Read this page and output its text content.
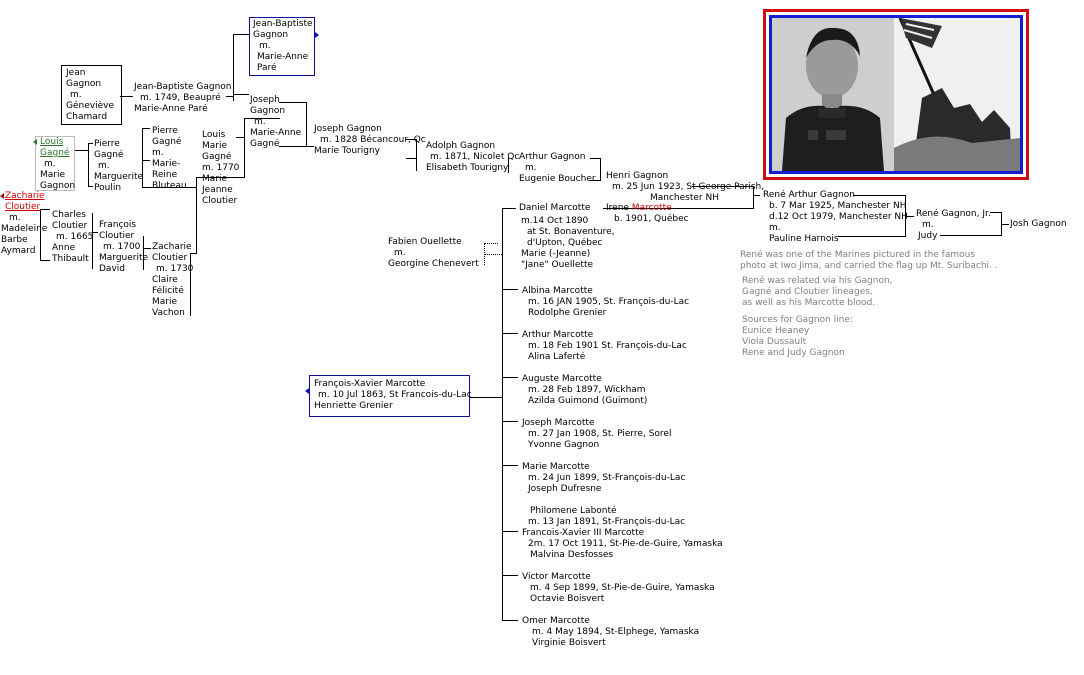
Jean-Baptiste
Gagnon
m.
Marie-Anne
Paré
Jean
Gagnon
m.
Géneviève
Chamard
Jean-Baptiste Gagnon
m. 1749, Beaupré
Marie-Anne Paré
Joseph
Gagnon
m.
Marie-Anne
Gagné
Pierre
Gagné
m.
Marie-
Reine
Bluteau
Louis
Gagné
m.
Marie
Gagnon
Pierre
Gagné
m.
Marguerite
Poulin
Louis
Marie
Gagné
m. 1770
Marie
Jeanne
Cloutier
Zacharie
Cloutier
m.
Madeleine
Barbe
Aymard
Charles
Cloutier
m. 1665
Anne
Thibault
François
Cloutier
m. 1700
Marguerite
David
Zacharie
Cloutier
m. 1730
Claire
Félicité
Marie
Vachon
Joseph Gagnon
m. 1828 Bécancour, Qc
Marie Tourigny	Adolph Gagnon
m. 1871, Nicolet Qc
Elisabeth Tourigny
Arthur Gagnon
m.
Eugenie Boucher Henri Gagnon
m. 25 Jun 1923, St George Parish,
Manchester NH
Irene Marcotte
b. 1901, Québec
René Arthur Gagnon
b. 7 Mar 1925, Manchester NH
d.12 Oct 1979, Manchester NH
m.
Pauline Harnois
René Gagnon, Jr.
m.
Judy
Josh Gagnon
René was one of the Marines pictured in the famous
photo at Iwo Jima, and carried the flag up Mt. Suribachi. .
René was related via his Gagnon,
Gagné and Cloutier lineages,
as well as his Marcotte blood.
Sources for Gagnon line:
Eunice Heaney
Viola Dussault
Rene and Judy Gagnon
Fabien Ouellette
m.
Georgine Chenevert
Daniel Marcotte
m.14 Oct 1890
at St. Bonaventure,
d'Upton, Québec
Marie (-Jeanne)
"Jane" Ouellette
François-Xavier Marcotte
m. 10 Jul 1863, St Francois-du-Lac
Henriette Grenier
Albina Marcotte
m. 16 JAN 1905, St. François-du-Lac
Rodolphe Grenier
Arthur Marcotte
m. 18 Feb 1901 St. François-du-Lac
Alina Laferté
Auguste Marcotte
m. 28 Feb 1897, Wickham
Azilda Guimond (Guimont)
Joseph Marcotte
m. 27 Jan 1908, St. Pierre, Sorel
Yvonne Gagnon
Marie Marcotte
m. 24 Jun 1899, St-François-du-Lac
Joseph Dufresne
Philomene Labonté
m. 13 Jan 1891, St-François-du-Lac
Francois-Xavier III Marcotte
2m. 17 Oct 1911, St-Pie-de-Guire, Yamaska
Malvina Desfosses
Victor Marcotte
m. 4 Sep 1899, St-Pie-de-Guire, Yamaska
Octavie Boisvert
Omer Marcotte
m. 4 May 1894, St-Elphege, Yamaska
Virginie Boisvert
